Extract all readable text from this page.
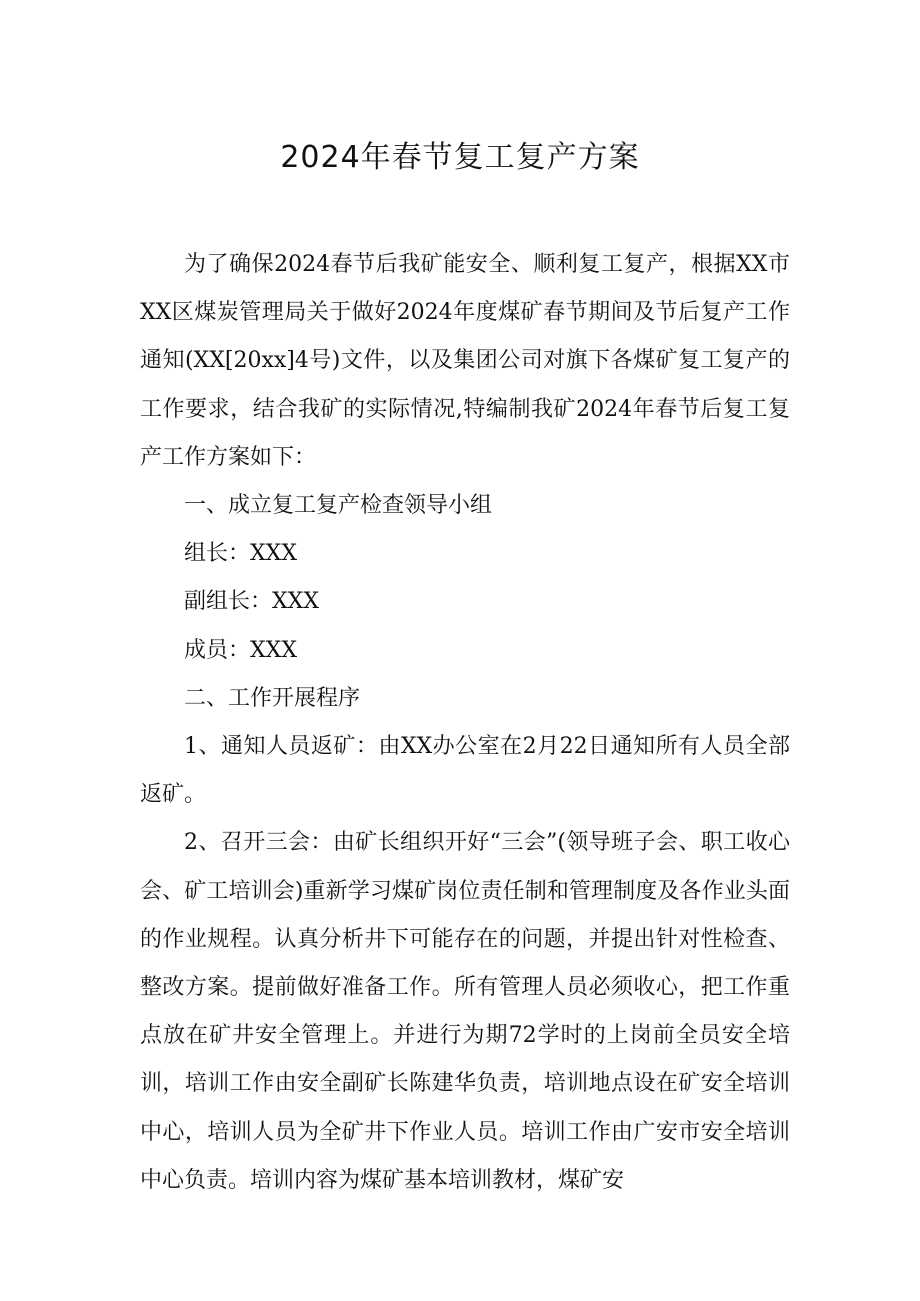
2024年春节复工复产方案

为了确保2024春节后我矿能安全、顺利复工复产，根据XX市XX区煤炭管理局关于做好2024年度煤矿春节期间及节后复产工作通知(XX[20xx]4号)文件，以及集团公司对旗下各煤矿复工复产的工作要求，结合我矿的实际情况,特编制我矿2024年春节后复工复产工作方案如下：

一、成立复工复产检查领导小组

组长：XXX

副组长：XXX

成员：XXX

二、工作开展程序

1、通知人员返矿：由XX办公室在2月22日通知所有人员全部返矿。

2、召开三会：由矿长组织开好“三会”(领导班子会、职工收心会、矿工培训会)重新学习煤矿岗位责任制和管理制度及各作业头面的作业规程。认真分析井下可能存在的问题，并提出针对性检查、整改方案。提前做好准备工作。所有管理人员必须收心，把工作重点放在矿井安全管理上。并进行为期72学时的上岗前全员安全培训，培训工作由安全副矿长陈建华负责，培训地点设在矿安全培训中心，培训人员为全矿井下作业人员。培训工作由广安市安全培训中心负责。培训内容为煤矿基本培训教材，煤矿安
